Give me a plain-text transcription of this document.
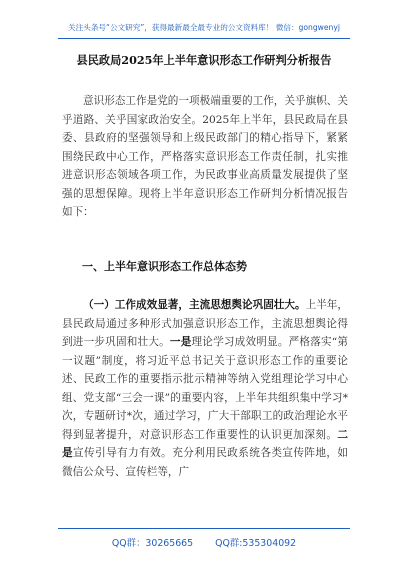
关注头条号“公文研究”，获得最新最全最专业的公文资料库！ 微信：gongwenyj
县民政局2025年上半年意识形态工作研判分析报告

意识形态工作是党的一项极端重要的工作，关乎旗帜、关乎道路、关乎国家政治安全。2025年上半年，县民政局在县委、县政府的坚强领导和上级民政部门的精心指导下，紧紧围绕民政中心工作，严格落实意识形态工作责任制，扎实推进意识形态领域各项工作，为民政事业高质量发展提供了坚强的思想保障。现将上半年意识形态工作研判分析情况报告如下：

一、上半年意识形态工作总体态势

（一）工作成效显著，主流思想舆论巩固壮大。上半年，县民政局通过多种形式加强意识形态工作，主流思想舆论得到进一步巩固和壮大。一是理论学习成效明显。严格落实“第一议题”制度，将习近平总书记关于意识形态工作的重要论述、民政工作的重要指示批示精神等纳入党组理论学习中心组、党支部“三会一课”的重要内容，上半年共组织集中学习*次，专题研讨*次，通过学习，广大干部职工的政治理论水平得到显著提升，对意识形态工作重要性的认识更加深刻。二是宣传引导有力有效。充分利用民政系统各类宣传阵地，如微信公众号、宣传栏等，广

QQ群：30265665 QQ群:535304092
